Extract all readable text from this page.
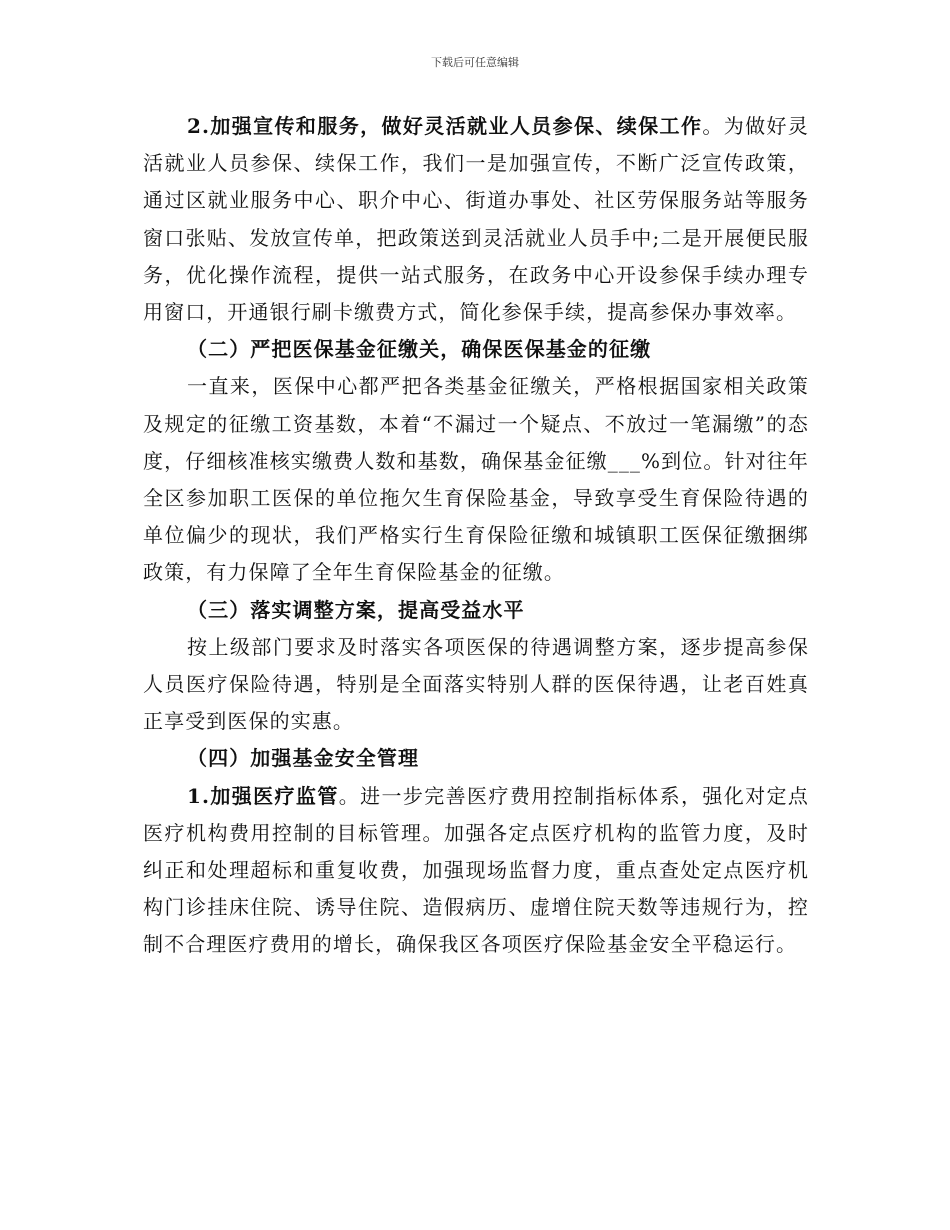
下载后可任意编辑

2.加强宣传和服务，做好灵活就业人员参保、续保工作。为做好灵活就业人员参保、续保工作，我们一是加强宣传，不断广泛宣传政策，通过区就业服务中心、职介中心、街道办事处、社区劳保服务站等服务窗口张贴、发放宣传单，把政策送到灵活就业人员手中;二是开展便民服务，优化操作流程，提供一站式服务，在政务中心开设参保手续办理专用窗口，开通银行刷卡缴费方式，简化参保手续，提高参保办事效率。

（二）严把医保基金征缴关，确保医保基金的征缴

一直来，医保中心都严把各类基金征缴关，严格根据国家相关政策及规定的征缴工资基数，本着“不漏过一个疑点、不放过一笔漏缴”的态度，仔细核准核实缴费人数和基数，确保基金征缴___%到位。针对往年全区参加职工医保的单位拖欠生育保险基金，导致享受生育保险待遇的单位偏少的现状，我们严格实行生育保险征缴和城镇职工医保征缴捆绑政策，有力保障了全年生育保险基金的征缴。

（三）落实调整方案，提高受益水平

按上级部门要求及时落实各项医保的待遇调整方案，逐步提高参保人员医疗保险待遇，特别是全面落实特别人群的医保待遇，让老百姓真正享受到医保的实惠。

（四）加强基金安全管理

1.加强医疗监管。进一步完善医疗费用控制指标体系，强化对定点医疗机构费用控制的目标管理。加强各定点医疗机构的监管力度，及时纠正和处理超标和重复收费，加强现场监督力度，重点查处定点医疗机构门诊挂床住院、诱导住院、造假病历、虚增住院天数等违规行为，控制不合理医疗费用的增长，确保我区各项医疗保险基金安全平稳运行。
